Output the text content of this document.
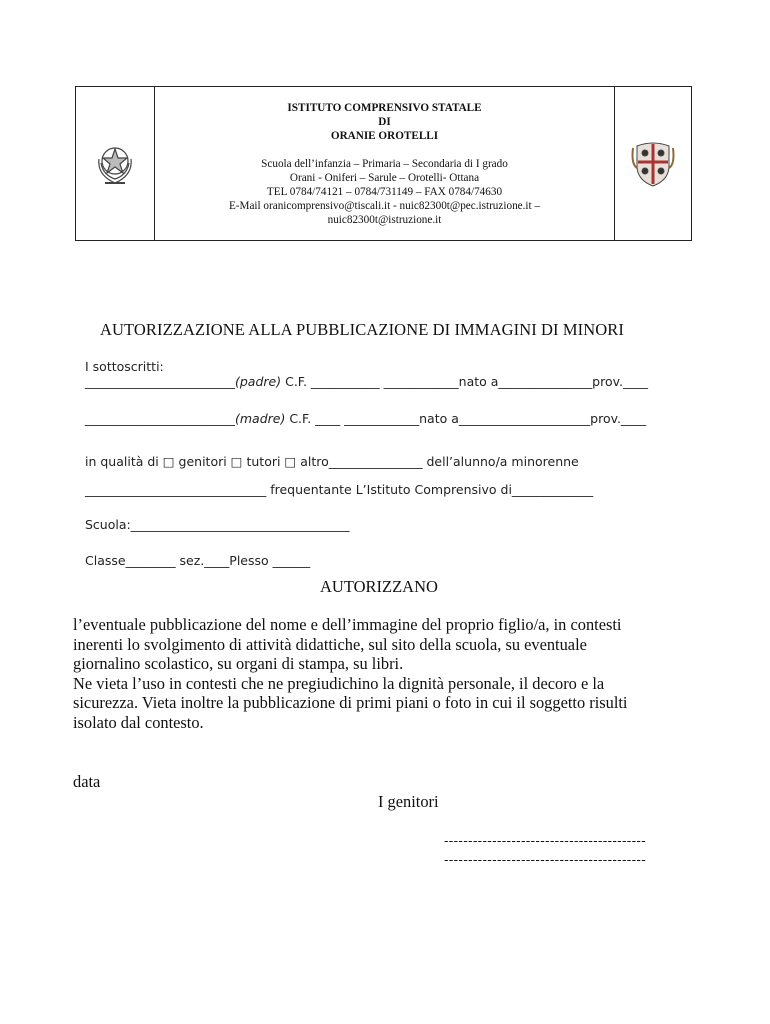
ISTITUTO COMPRENSIVO STATALE
DI
ORANIE OROTELLI
Scuola dell’infanzia – Primaria – Secondaria di I grado
Orani - Oniferi – Sarule – Orotelli- Ottana
TEL 0784/74121 – 0784/731149 – FAX 0784/74630
E-Mail oranicomprensivo@tiscali.it - nuic82300t@pec.istruzione.it –
nuic82300t@istruzione.it
AUTORIZZAZIONE ALLA PUBBLICAZIONE DI IMMAGINI DI MINORI
I sottoscritti:
________________________(padre) C.F. ___________ ____________nato a_______________prov.____
________________________(madre) C.F. ____ ____________nato a_____________________prov.____
in qualità di □ genitori □ tutori □ altro_______________ dell’alunno/a minorenne
_____________________________ frequentante L’Istituto Comprensivo di_____________
Scuola:___________________________________
Classe________ sez.____Plesso ______
AUTORIZZANO

l’eventuale pubblicazione del nome e dell’immagine del proprio figlio/a, in contesti

inerenti lo svolgimento di attività didattiche, sul sito della scuola, su eventuale

giornalino scolastico, su organi di stampa, su libri.

Ne vieta l’uso in contesti che ne pregiudichino la dignità personale, il decoro e la

sicurezza. Vieta inoltre la pubblicazione di primi piani o foto in cui il soggetto risulti

isolato dal contesto.

data
I genitori
------------------------------------------
------------------------------------------
